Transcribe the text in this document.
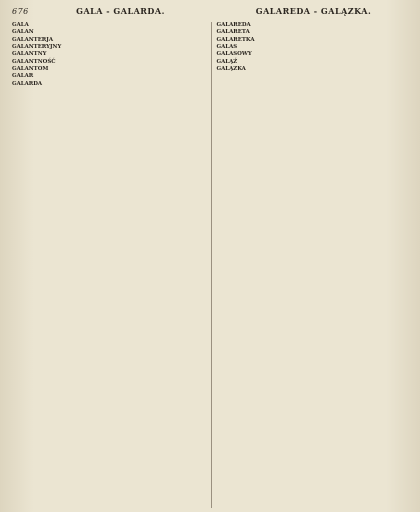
676	GALA - GALARDA.	GALAREDA - GALĄZKA.

GALA

GALAN

GALANTERJA

GALANTERYJNY

GALANTNY

GALANTNOŚĆ

GALANTOM

GALAR

GALARDA

GALAREDA

GALARETA

GALARETKA

GALAS

GALASOWY

GALĄŹ

GALĄZKA
